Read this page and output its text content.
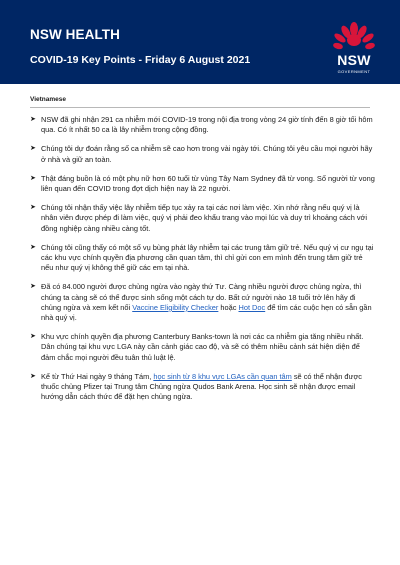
NSW HEALTH
COVID-19 Key Points - Friday 6 August 2021	NSW
GOVERNMENT
Vietnamese
➤ NSW đã ghi nhận 291 ca nhiễm mới COVID-19 trong nội địa trong vòng 24 giờ tính đến 8 giờ tối hôm qua. Có ít nhất 50 ca là lây nhiễm trong cộng đồng.
➤ Chúng tôi dự đoán rằng số ca nhiễm sẽ cao hơn trong vài ngày tới. Chúng tôi yêu cầu mọi người hãy ở nhà và giữ an toàn.
➤ Thật đáng buồn là có một phụ nữ hơn 60 tuổi từ vùng Tây Nam Sydney đã từ vong. Số người từ vong liên quan đến COVID trong đợt dịch hiện nay là 22 người.
➤ Chúng tôi nhận thấy việc lây nhiễm tiếp tục xảy ra tại các nơi làm việc. Xin nhớ rằng nếu quý vị là nhân viên được phép đi làm việc, quý vị phải đeo khẩu trang vào mọi lúc và duy trì khoảng cách với đồng nghiệp càng nhiều càng tốt.
➤ Chúng tôi cũng thấy có một số vụ bùng phát lây nhiễm tại các trung tâm giữ trẻ. Nếu quý vị cư ngụ tại các khu vực chính quyền địa phương cần quan tâm, thì chỉ gửi con em mình đến trung tâm giữ trẻ nếu như quý vị không thể giữ các em tại nhà.
➤ Đã có 84.000 người được chủng ngừa vào ngày thứ Tư. Càng nhiều người được chủng ngừa, thì chúng ta càng sẽ có thể được sinh sống một cách tự do. Bất cứ người nào 18 tuổi trở lên hãy đi chủng ngừa và xem kết nối Vaccine Eligibility Checker hoặc Hot Doc để tìm các cuộc hẹn có sẵn gần nhà quý vị.
➤ Khu vực chính quyền địa phương Canterbury Banks-town là nơi các ca nhiễm gia tăng nhiều nhất. Dân chúng tại khu vực LGA này cần cảnh giác cao độ, và sẽ có thêm nhiều cảnh sát hiện diện để đảm chắc mọi người đều tuân thủ luật lệ.
➤ Kể từ Thứ Hai ngày 9 tháng Tám, học sinh từ 8 khu vực LGAs cần quan tâm sẽ có thể nhận được thuốc chủng Pfizer tại Trung tâm Chủng ngừa Qudos Bank Arena. Học sinh sẽ nhận được email hướng dẫn cách thức để đặt hẹn chủng ngừa.
